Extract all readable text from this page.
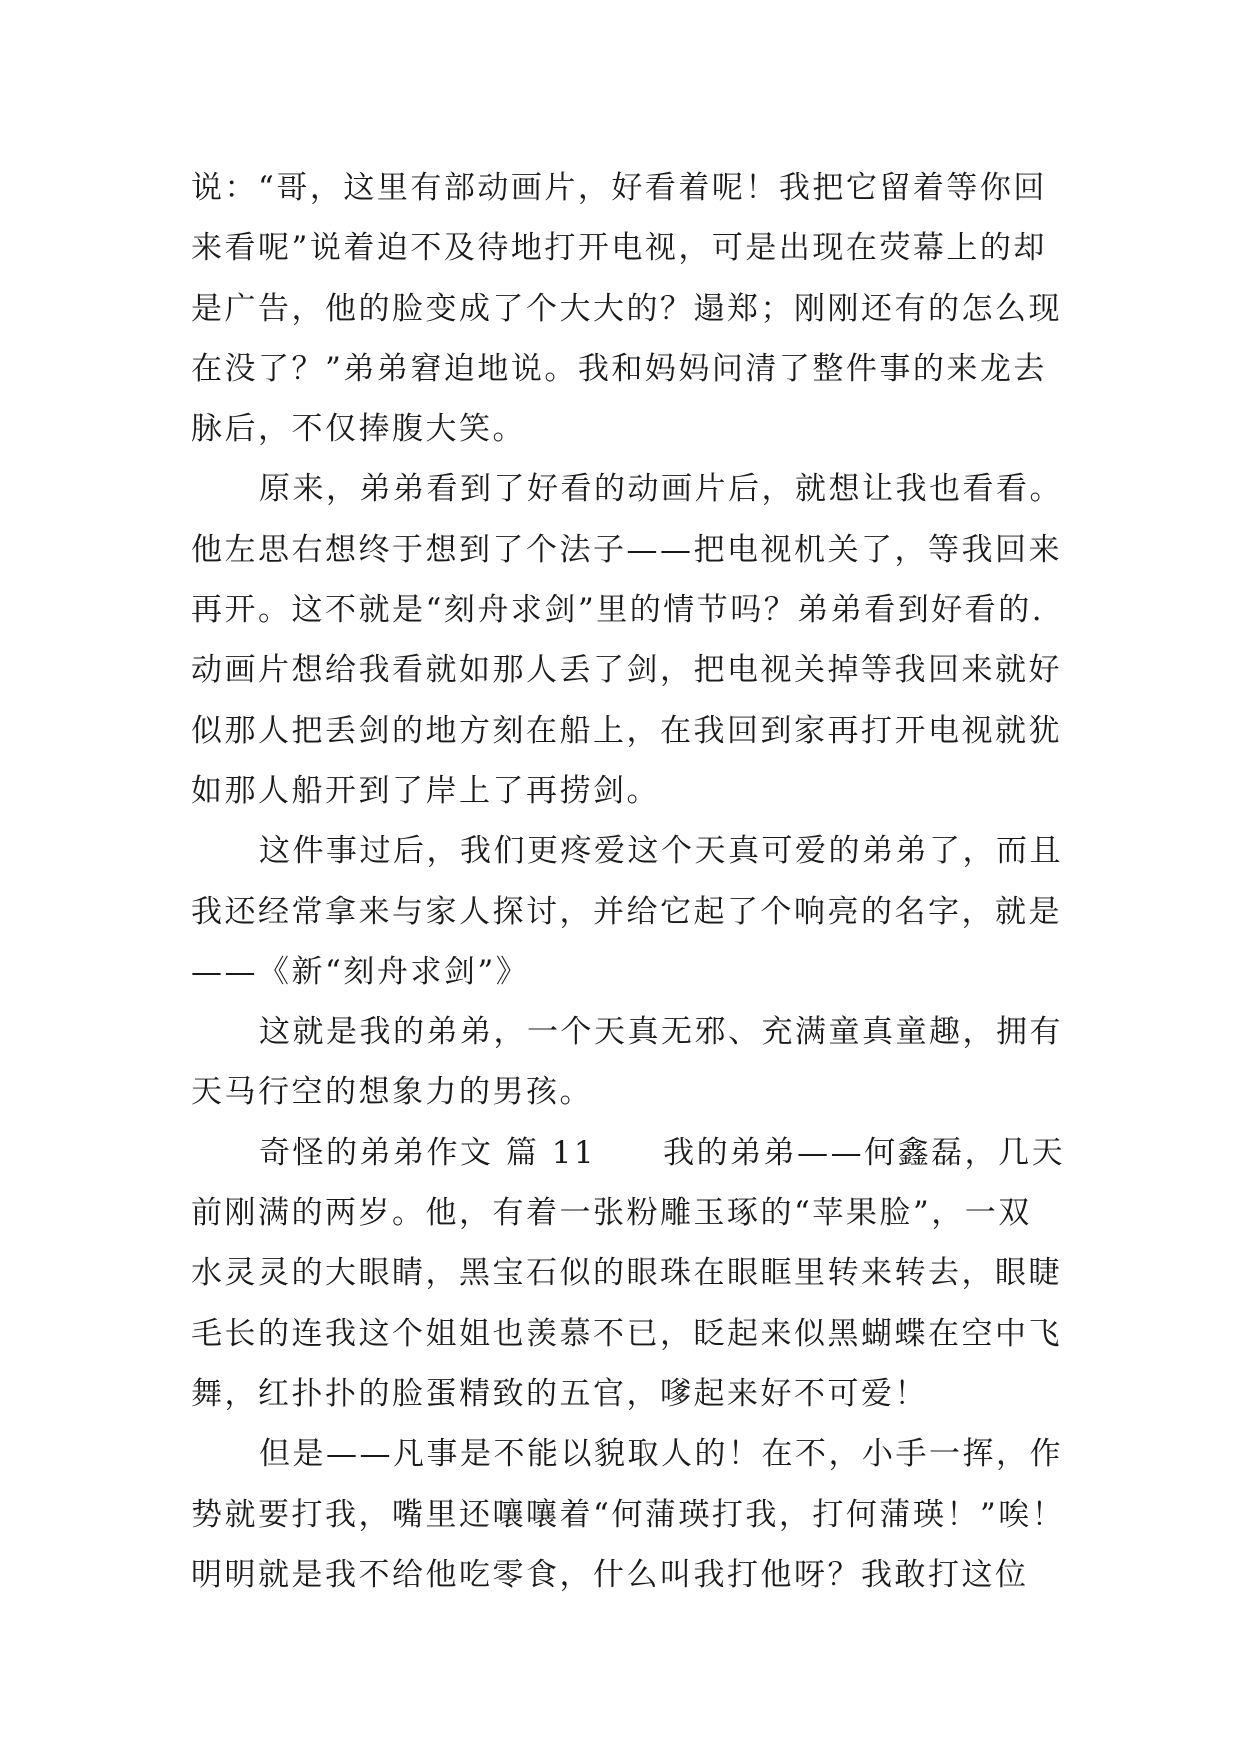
说：“哥，这里有部动画片，好看着呢！我把它留着等你回
来看呢”说着迫不及待地打开电视，可是出现在荧幕上的却
是广告，他的脸变成了个大大的？遢郑；刚刚还有的怎么现
在没了？”弟弟窘迫地说。我和妈妈问清了整件事的来龙去
脉后，不仅捧腹大笑。
原来，弟弟看到了好看的动画片后，就想让我也看看。
他左思右想终于想到了个法子——把电视机关了，等我回来
再开。这不就是“刻舟求剑”里的情节吗？弟弟看到好看的.
动画片想给我看就如那人丢了剑，把电视关掉等我回来就好
似那人把丢剑的地方刻在船上，在我回到家再打开电视就犹
如那人船开到了岸上了再捞剑。
这件事过后，我们更疼爱这个天真可爱的弟弟了，而且
我还经常拿来与家人探讨，并给它起了个响亮的名字，就是
——《新“刻舟求剑”》
这就是我的弟弟，一个天真无邪、充满童真童趣，拥有
天马行空的想象力的男孩。
奇怪的弟弟作文 篇 11　　我的弟弟——何鑫磊，几天
前刚满的两岁。他，有着一张粉雕玉琢的“苹果脸”，一双
水灵灵的大眼睛，黑宝石似的眼珠在眼眶里转来转去，眼睫
毛长的连我这个姐姐也羡慕不已，眨起来似黑蝴蝶在空中飞
舞，红扑扑的脸蛋精致的五官，嗲起来好不可爱！
但是——凡事是不能以貌取人的！在不，小手一挥，作
势就要打我，嘴里还嚷嚷着“何蒲瑛打我，打何蒲瑛！”唉！
明明就是我不给他吃零食，什么叫我打他呀？我敢打这位
